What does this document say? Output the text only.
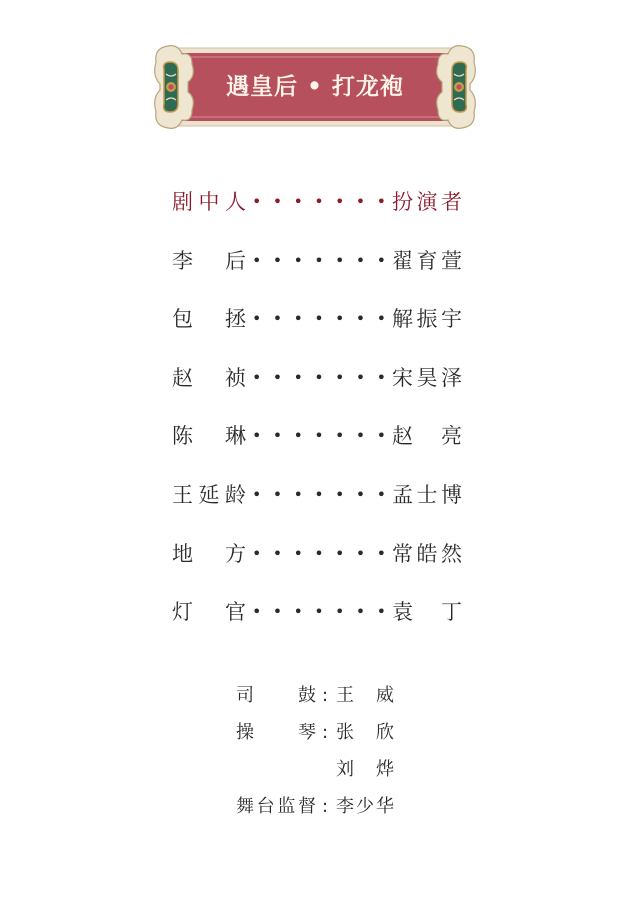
遇皇后 • 打龙袍
剧中人 • • • • • • • 扮演者
李 后 • • • • • • • 翟育萱
包 拯 • • • • • • • 解振宇
赵 祯 • • • • • • • 宋昊泽
陈 琳 • • • • • • • 赵 亮
王延龄 • • • • • • • 孟士博
地 方 • • • • • • • 常皓然
灯 官 • • • • • • • 袁 丁
司 鼓 : 王 威
操 琴 : 张 欣
刘 烨
舞台监督 : 李少华
